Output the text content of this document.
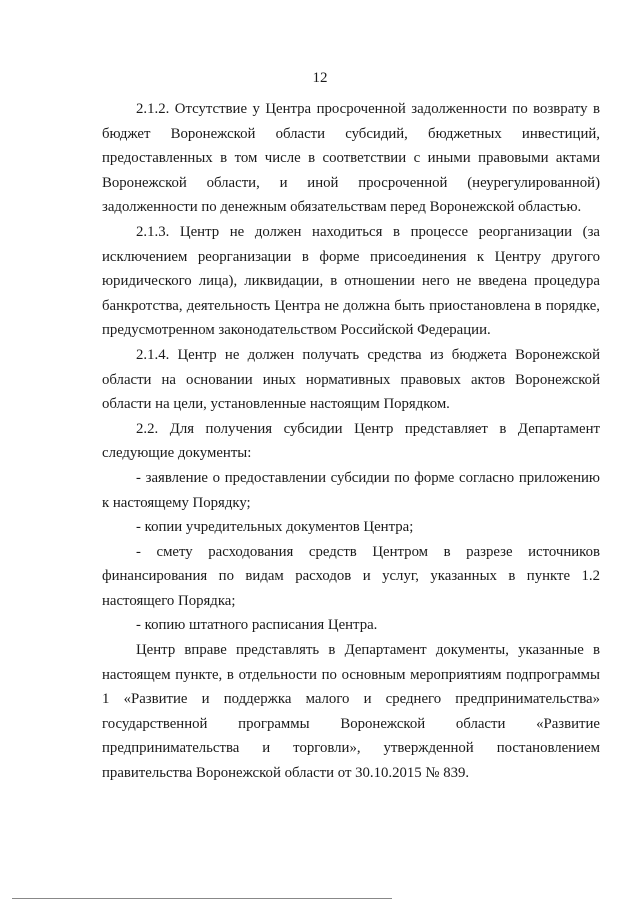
12

2.1.2. Отсутствие у Центра просроченной задолженности по возврату в бюджет Воронежской области субсидий, бюджетных инвестиций, предоставленных в том числе в соответствии с иными правовыми актами Воронежской области, и иной просроченной (неурегулированной) задолженности по денежным обязательствам перед Воронежской областью.

2.1.3. Центр не должен находиться в процессе реорганизации (за исключением реорганизации в форме присоединения к Центру другого юридического лица), ликвидации, в отношении него не введена процедура банкротства, деятельность Центра не должна быть приостановлена в порядке, предусмотренном законодательством Российской Федерации.

2.1.4. Центр не должен получать средства из бюджета Воронежской области на основании иных нормативных правовых актов Воронежской области на цели, установленные настоящим Порядком.

2.2. Для получения субсидии Центр представляет в Департамент следующие документы:

- заявление о предоставлении субсидии по форме согласно приложению к настоящему Порядку;

- копии учредительных документов Центра;

- смету расходования средств Центром в разрезе источников финансирования по видам расходов и услуг, указанных в пункте 1.2 настоящего Порядка;

- копию штатного расписания Центра.

Центр вправе представлять в Департамент документы, указанные в настоящем пункте, в отдельности по основным мероприятиям подпрограммы 1 «Развитие и поддержка малого и среднего предпринимательства» государственной программы Воронежской области «Развитие предпринимательства и торговли», утвержденной постановлением правительства Воронежской области от 30.10.2015 № 839.
